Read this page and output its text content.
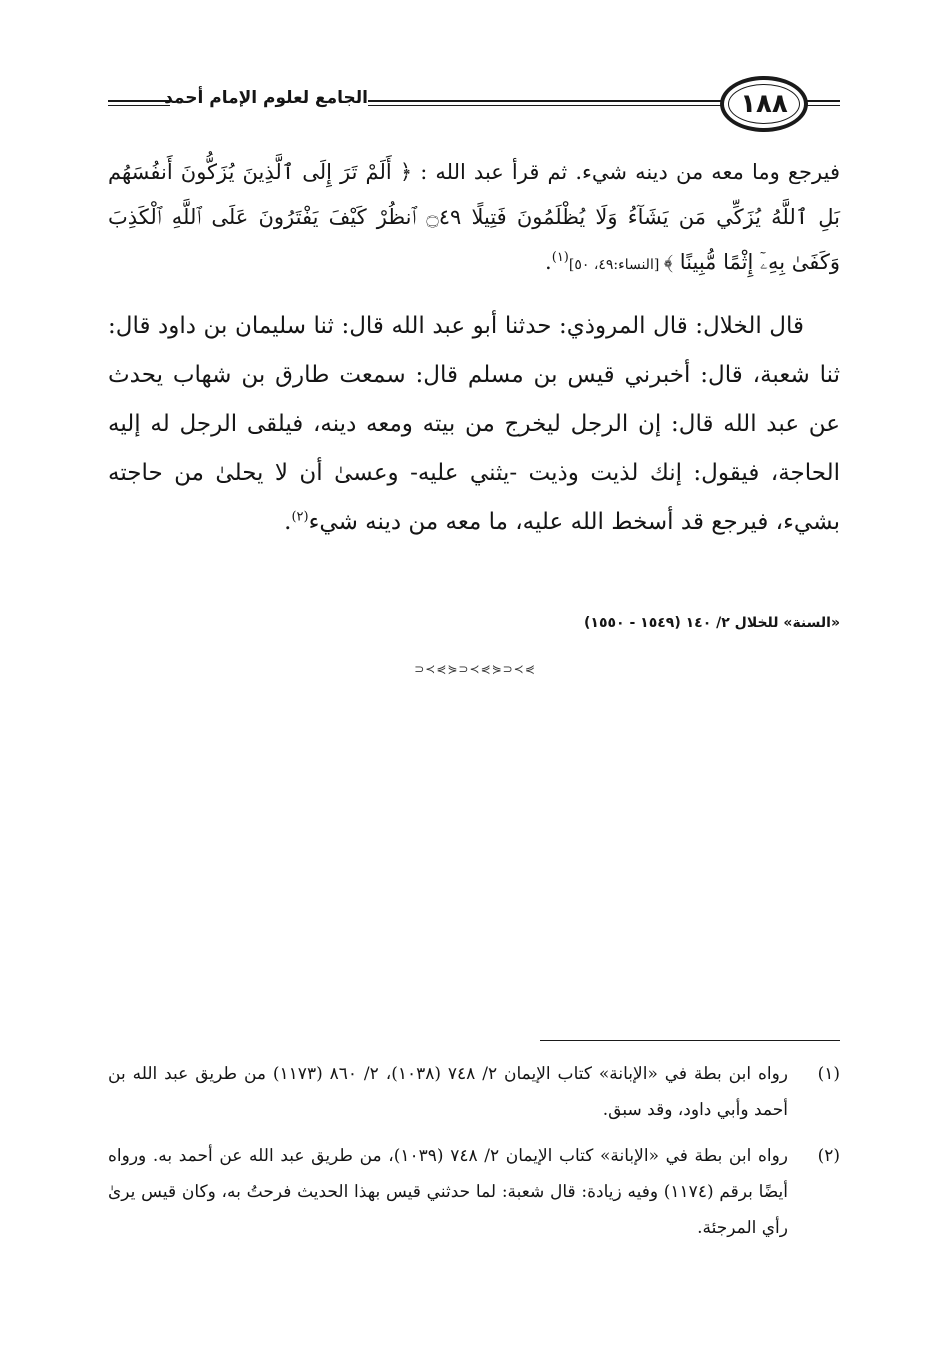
الجامع لعلوم الإمام أحمد	١٨٨

فيرجع وما معه من دينه شيء. ثم قرأ عبد الله : ﴿ أَلَمْ تَرَ إِلَى ٱلَّذِينَ يُزَكُّونَ أَنفُسَهُم بَلِ ٱللَّهُ يُزَكِّي مَن يَشَآءُ وَلَا يُظْلَمُونَ فَتِيلًا ۝٤٩ ٱنظُرْ كَيْفَ يَفْتَرُونَ عَلَى ٱللَّهِ ٱلْكَذِبَ وَكَفَىٰ بِهِۦٓ إِثْمًا مُّبِينًا ﴾ [النساء:٤٩، ٥٠]$^{(١)}$.

قال الخلال: قال المروذي: حدثنا أبو عبد الله قال: ثنا سليمان بن داود قال: ثنا شعبة، قال: أخبرني قيس بن مسلم قال: سمعت طارق بن شهاب يحدث عن عبد الله قال: إن الرجل ليخرج من بيته ومعه دينه، فيلقى الرجل له إليه الحاجة، فيقول: إنك لذيت وذيت -يثني عليه- وعسىٰ أن لا يحلىٰ من حاجته بشيء، فيرجع قد أسخط الله عليه، ما معه من دينه شيء$^{(٢)}$.

«السنة» للخلال ٢/ ١٤٠ (١٥٤٩ - ١٥٥٠)
⊃≺⋞⋟⊃≺⋞⋟⊃≺⋞
(١)
رواه ابن بطة في «الإبانة» كتاب الإيمان ٢/ ٧٤٨ (١٠٣٨)، ٢/ ٨٦٠ (١١٧٣) من طريق عبد الله بن أحمد وأبي داود، وقد سبق.
(٢)
رواه ابن بطة في «الإبانة» كتاب الإيمان ٢/ ٧٤٨ (١٠٣٩)، من طريق عبد الله عن أحمد به. ورواه أيضًا برقم (١١٧٤) وفيه زيادة: قال شعبة: لما حدثني قيس بهذا الحديث فرحتُ به، وكان قيس يرىٰ رأي المرجئة.
